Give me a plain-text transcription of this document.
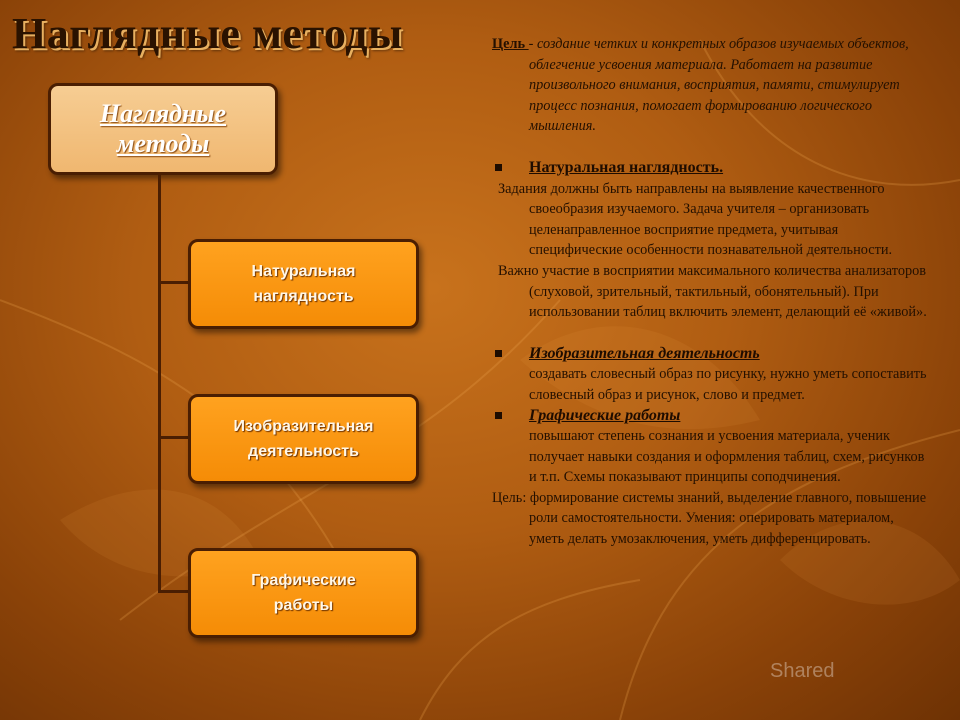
Наглядные методы
Наглядные методы
Натуральная наглядность
Изобразительная деятельность
Графические работы

Цель - создание четких и конкретных образов изучаемых объектов, облегчение усвоения материала. Работает на развитие произвольного внимания, восприятия, памяти, стимулирует процесс познания, помогает формированию логического мышления.

Натуральная наглядность.

Задания должны быть направлены на выявление качественного своеобразия изучаемого. Задача учителя – организовать целенаправленное восприятие предмета, учитывая специфические особенности познавательной деятельности.

Важно участие в восприятии максимального количества анализаторов (слуховой, зрительный, тактильный, обонятельный). При использовании таблиц включить элемент, делающий её «живой».

Изобразительная деятельность

создавать словесный образ по рисунку, нужно уметь сопоставить словесный образ и рисунок, слово и предмет.

Графические работы

повышают степень сознания и усвоения материала, ученик получает навыки создания и оформления таблиц, схем, рисунков и т.п. Схемы показывают принципы соподчинения.

Цель: формирование системы знаний, выделение главного, повышение роли самостоятельности. Умения: оперировать материалом, уметь делать умозаключения, уметь дифференцировать.

Shared
